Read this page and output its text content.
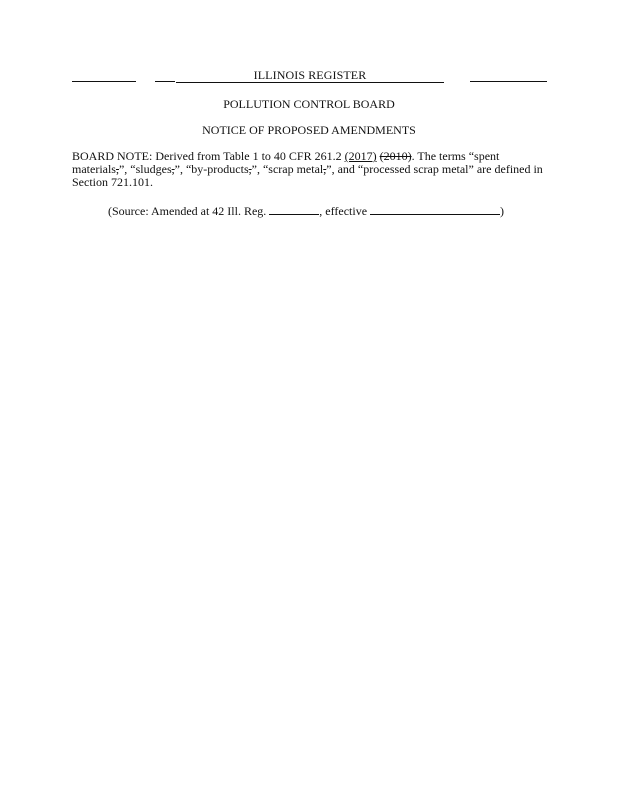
ILLINOIS REGISTER
POLLUTION CONTROL BOARD
NOTICE OF PROPOSED AMENDMENTS
BOARD NOTE: Derived from Table 1 to 40 CFR 261.2 (2017) (2010). The terms “spent materials,”, “sludges,”, “by-products,”, “scrap metal,”, and “processed scrap metal” are defined in Section 721.101.
(Source: Amended at 42 Ill. Reg.	, effective	)
